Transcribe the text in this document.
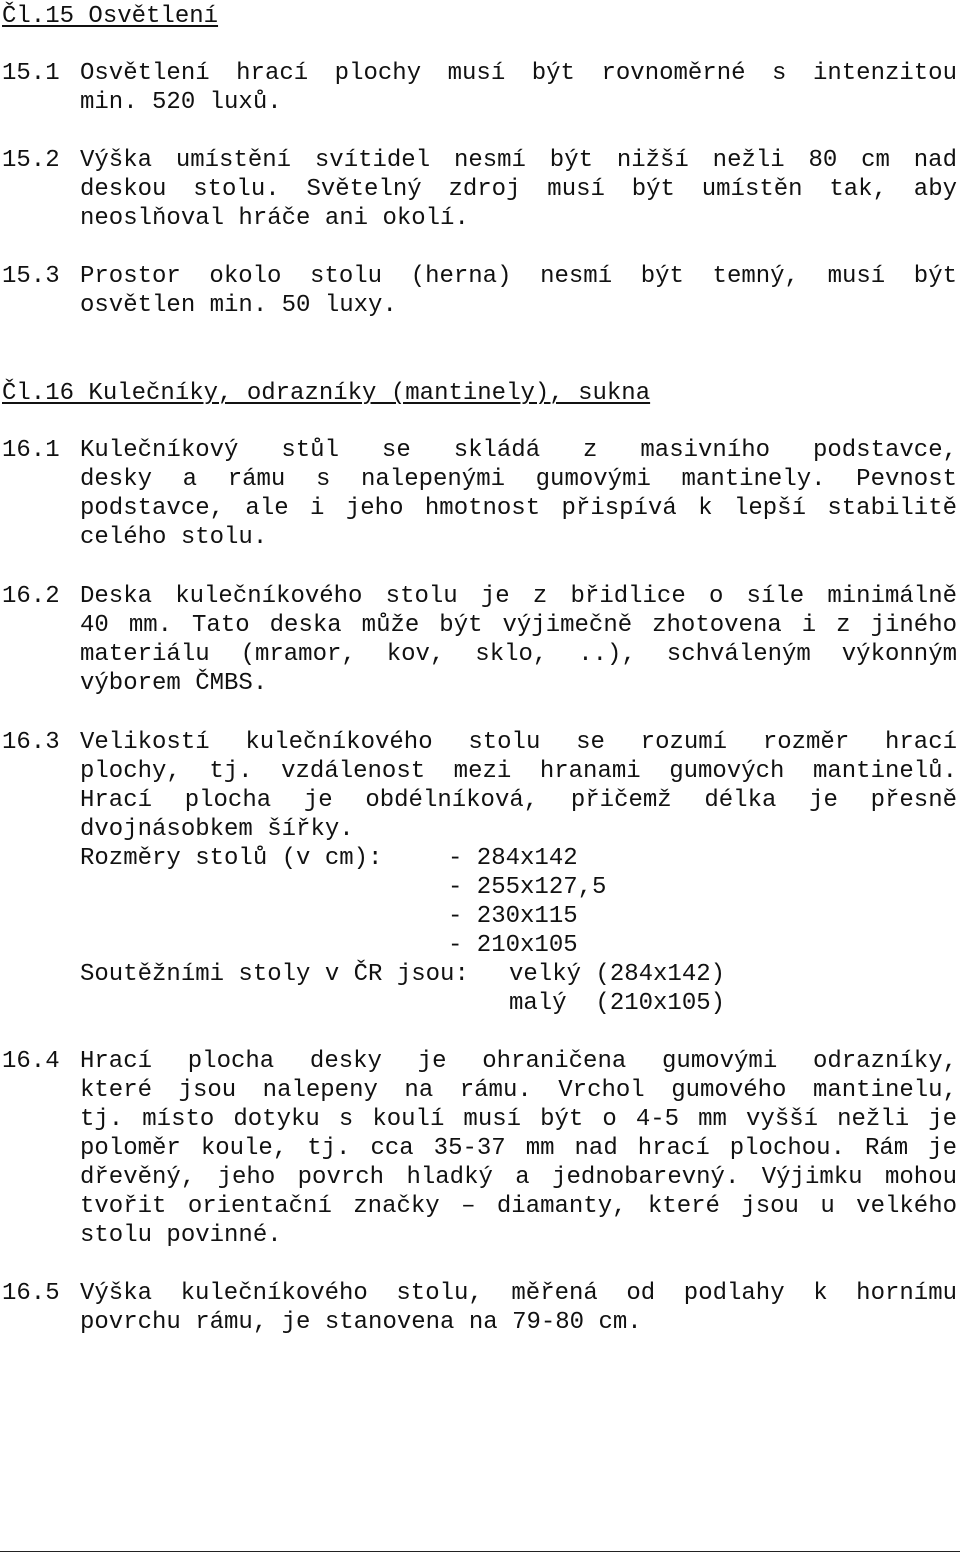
Čl.15 Osvětlení
15.1 Osvětlení hrací plochy musí být rovnoměrné s intenzitou
min. 520 luxů.
15.2 Výška umístění svítidel nesmí být nižší nežli 80 cm nad
deskou stolu. Světelný zdroj musí být umístěn tak, aby
neoslňoval hráče ani okolí.
15.3 Prostor okolo stolu (herna) nesmí být temný, musí být
osvětlen min. 50 luxy.
Čl.16 Kulečníky, odrazníky (mantinely), sukna
16.1 Kulečníkový stůl se skládá z masivního podstavce,
desky a rámu s nalepenými gumovými mantinely. Pevnost
podstavce, ale i jeho hmotnost přispívá k lepší stabilitě
celého stolu.
16.2 Deska kulečníkového stolu je z břidlice o síle minimálně
40 mm. Tato deska může být výjimečně zhotovena i z jiného
materiálu (mramor, kov, sklo, ..), schváleným výkonným
výborem ČMBS.
16.3 Velikostí kulečníkového stolu se rozumí rozměr hrací
plochy, tj. vzdálenost mezi hranami gumových mantinelů.
Hrací plocha je obdélníková, přičemž délka je přesně
dvojnásobkem šířky.
Rozměry stolů (v cm):	- 284x142
- 255x127,5
- 230x115
- 210x105
Soutěžními stoly v ČR jsou: velký (284x142)
malý  (210x105)
16.4 Hrací plocha desky je ohraničena gumovými odrazníky,
které jsou nalepeny na rámu. Vrchol gumového mantinelu,
tj. místo dotyku s koulí musí být o 4-5 mm vyšší nežli je
poloměr koule, tj. cca 35-37 mm nad hrací plochou. Rám je
dřevěný, jeho povrch hladký a jednobarevný. Výjimku mohou
tvořit orientační značky – diamanty, které jsou u velkého
stolu povinné.
16.5 Výška kulečníkového stolu, měřená od podlahy k hornímu
povrchu rámu, je stanovena na 79-80 cm.
